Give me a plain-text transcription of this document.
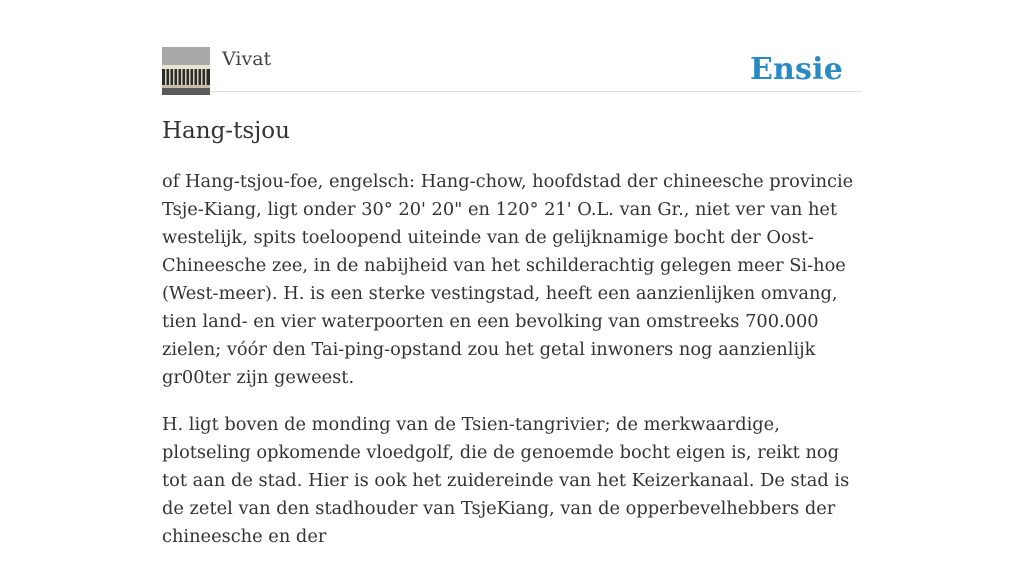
Vivat	Ensie
Hang-tsjou

of Hang-tsjou-foe, engelsch: Hang-chow, hoofdstad der chineesche provincie Tsje-Kiang, ligt onder 30° 20' 20" en 120° 21' O.L. van Gr., niet ver van het westelijk, spits toeloopend uiteinde van de gelijknamige bocht der Oost-Chineesche zee, in de nabijheid van het schilderachtig gelegen meer Si-hoe (West-meer). H. is een sterke vestingstad, heeft een aanzienlijken omvang, tien land- en vier waterpoorten en een bevolking van omstreeks 700.000 zielen; vóór den Tai-ping-opstand zou het getal inwoners nog aanzienlijk gr00ter zijn geweest.

H. ligt boven de monding van de Tsien-tangrivier; de merkwaardige, plotseling opkomende vloedgolf, die de genoemde bocht eigen is, reikt nog tot aan de stad. Hier is ook het zuidereinde van het Keizerkanaal. De stad is de zetel van den stadhouder van TsjeKiang, van de opperbevelhebbers der chineesche en der
